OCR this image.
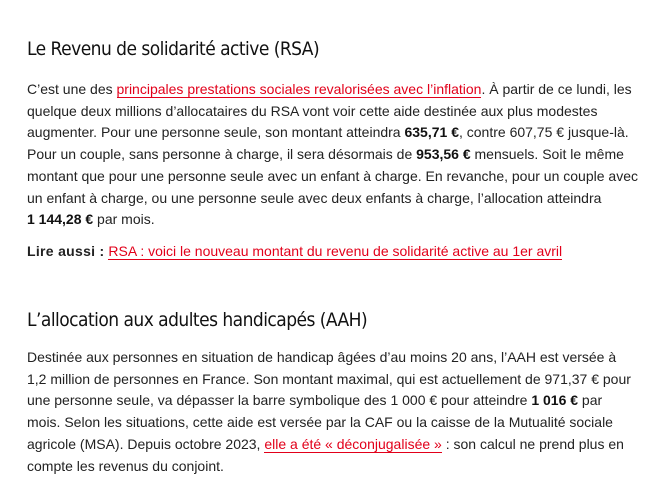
Le Revenu de solidarité active (RSA)

C’est une des principales prestations sociales revalorisées avec l’inflation. À partir de ce lundi, les quelque deux millions d’allocataires du RSA vont voir cette aide destinée aux plus modestes augmenter. Pour une personne seule, son montant atteindra 635,71 €, contre 607,75 € jusque-là. Pour un couple, sans personne à charge, il sera désormais de 953,56 € mensuels. Soit le même montant que pour une personne seule avec un enfant à charge. En revanche, pour un couple avec un enfant à charge, ou une personne seule avec deux enfants à charge, l’allocation atteindra
1 144,28 € par mois.

Lire aussi : RSA : voici le nouveau montant du revenu de solidarité active au 1er avril

L’allocation aux adultes handicapés (AAH)

Destinée aux personnes en situation de handicap âgées d’au moins 20 ans, l’AAH est versée à 1,2 million de personnes en France. Son montant maximal, qui est actuellement de 971,37 € pour une personne seule, va dépasser la barre symbolique des 1 000 € pour atteindre 1 016 € par mois. Selon les situations, cette aide est versée par la CAF ou la caisse de la Mutualité sociale agricole (MSA). Depuis octobre 2023, elle a été « déconjugalisée » : son calcul ne prend plus en compte les revenus du conjoint.
